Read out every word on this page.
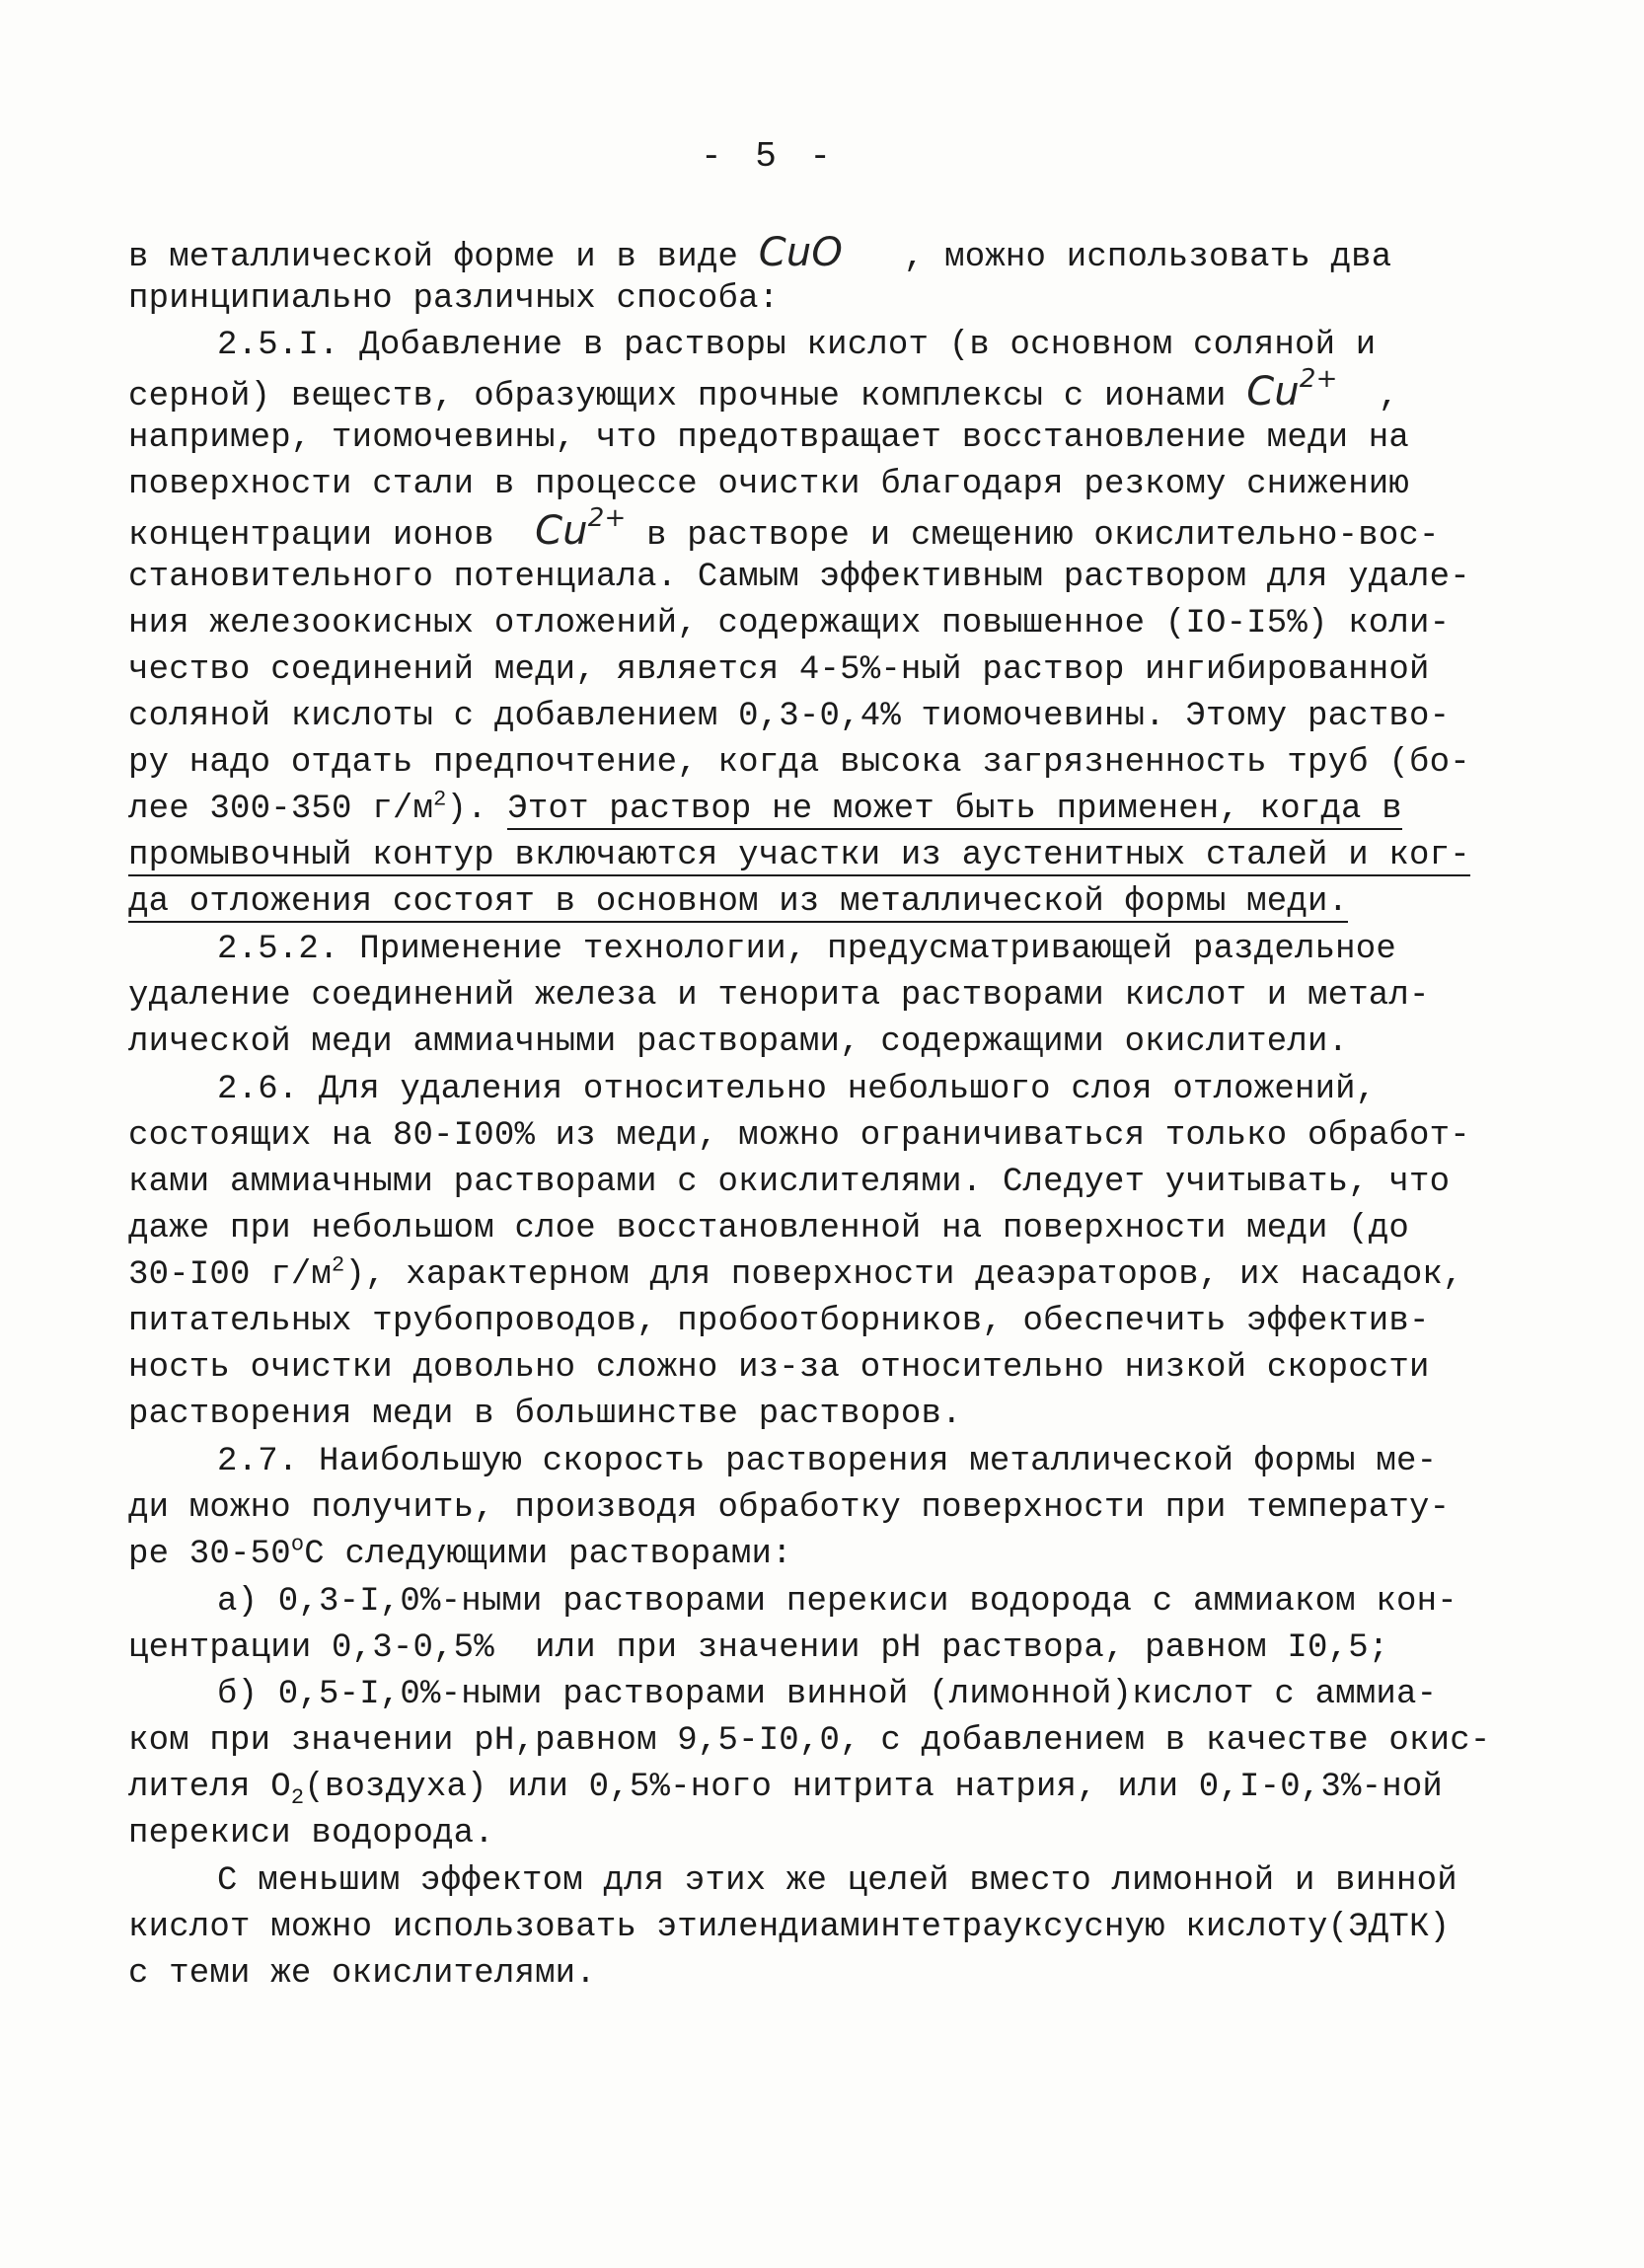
- 5 -
в металлической форме и в виде CuO   , можно использовать два
принципиально различных способа:
2.5.I. Добавление в растворы кислот (в основном соляной и
серной) веществ, образующих прочные комплексы с ионами $Cu^{2+}$  ,
например, тиомочевины, что предотвращает восстановление меди на
поверхности стали в процессе очистки благодаря резкому снижению
концентрации ионов  $Cu^{2+}$ в растворе и смещению окислительно-вос-
становительного потенциала. Самым эффективным раствором для удале-
ния железоокисных отложений, содержащих повышенное (IO-I5%) коли-
чество соединений меди, является 4-5%-ный раствор ингибированной
соляной кислоты с добавлением 0,3-0,4% тиомочевины. Этому раство-
ру надо отдать предпочтение, когда высока загрязненность труб (бо-
лее 300-350 $г/м^2$). Этот раствор не может быть применен, когда в
промывочный контур включаются участки из аустенитных сталей и ког-
да отложения состоят в основном из металлической формы меди.
2.5.2. Применение технологии, предусматривающей раздельное
удаление соединений железа и тенорита растворами кислот и метал-
лической меди аммиачными растворами, содержащими окислители.
2.6. Для удаления относительно небольшого слоя отложений,
состоящих на 80-I00% из меди, можно ограничиваться только обработ-
ками аммиачными растворами с окислителями. Следует учитывать, что
даже при небольшом слое восстановленной на поверхности меди (до
30-I00 $г/м^2$), характерном для поверхности деаэраторов, их насадок,
питательных трубопроводов, пробоотборников, обеспечить эффектив-
ность очистки довольно сложно из-за относительно низкой скорости
растворения меди в большинстве растворов.
2.7. Наибольшую скорость растворения металлической формы ме-
ди можно получить, производя обработку поверхности при температу-
ре $30-50^оС$ следующими растворами:
а) 0,3-I,0%-ными растворами перекиси водорода с аммиаком кон-
центрации 0,3-0,5%  или при значении рН раствора, равном I0,5;
б) 0,5-I,0%-ными растворами винной (лимонной)кислот с аммиа-
ком при значении рН,равном 9,5-I0,0, с добавлением в качестве окис-
лителя $О_2(воздуха)$ или 0,5%-ного нитрита натрия, или 0,I-0,3%-ной
перекиси водорода.
С меньшим эффектом для этих же целей вместо лимонной и винной
кислот можно использовать этилендиаминтетрауксусную кислоту(ЭДТК)
с теми же окислителями.
